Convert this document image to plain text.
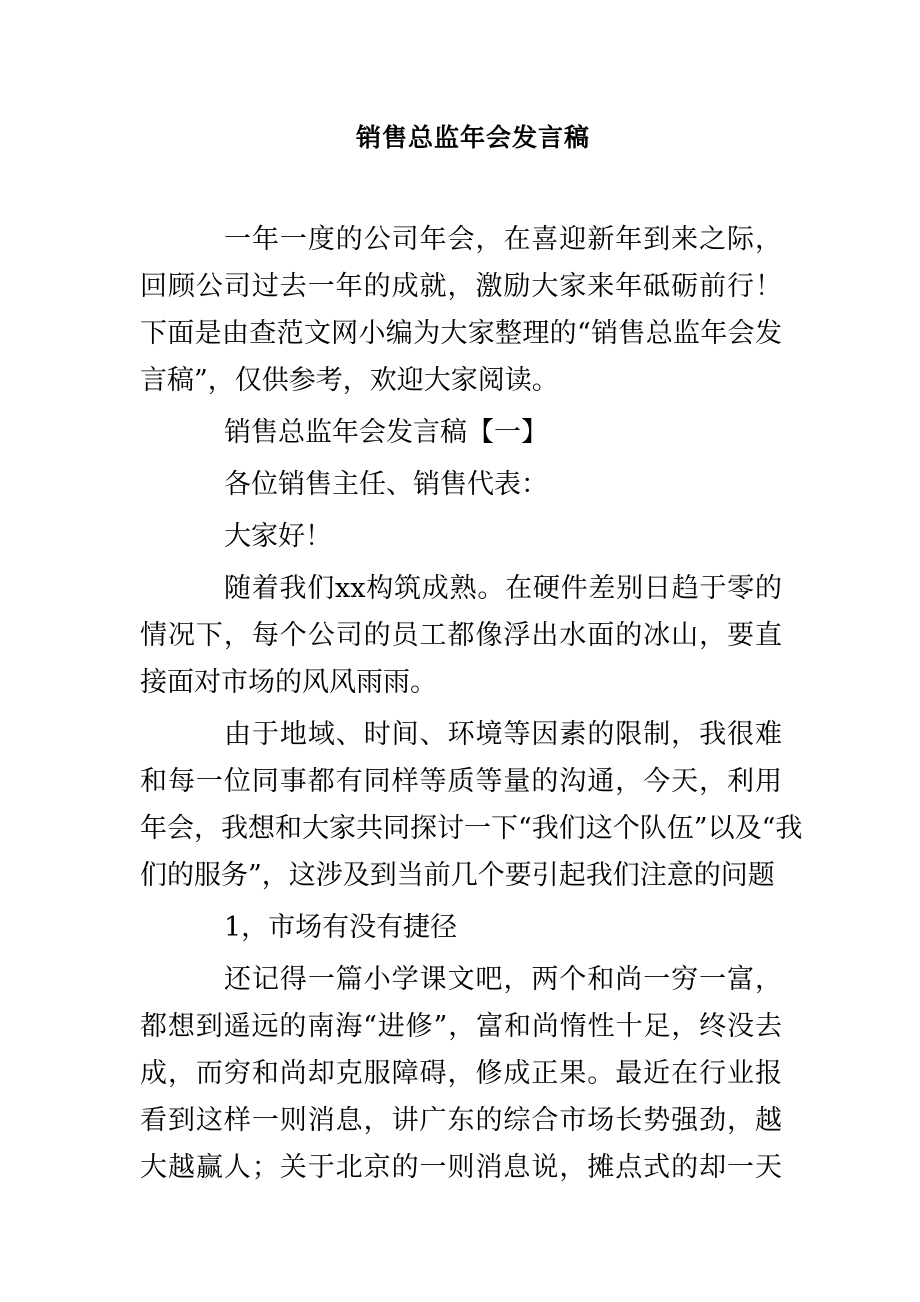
销售总监年会发言稿
一年一度的公司年会，在喜迎新年到来之际，
回顾公司过去一年的成就，激励大家来年砥砺前行！
下面是由查范文网小编为大家整理的“销售总监年会发
言稿”，仅供参考，欢迎大家阅读。
销售总监年会发言稿【一】
各位销售主任、销售代表：
大家好！
随着我们xx构筑成熟。在硬件差别日趋于零的
情况下，每个公司的员工都像浮出水面的冰山，要直
接面对市场的风风雨雨。
由于地域、时间、环境等因素的限制，我很难
和每一位同事都有同样等质等量的沟通，今天，利用
年会，我想和大家共同探讨一下“我们这个队伍”以及“我
们的服务”，这涉及到当前几个要引起我们注意的问题
1，市场有没有捷径
还记得一篇小学课文吧，两个和尚一穷一富，
都想到遥远的南海“进修”，富和尚惰性十足，终没去
成，而穷和尚却克服障碍，修成正果。最近在行业报
看到这样一则消息，讲广东的综合市场长势强劲，越
大越赢人；关于北京的一则消息说，摊点式的却一天
